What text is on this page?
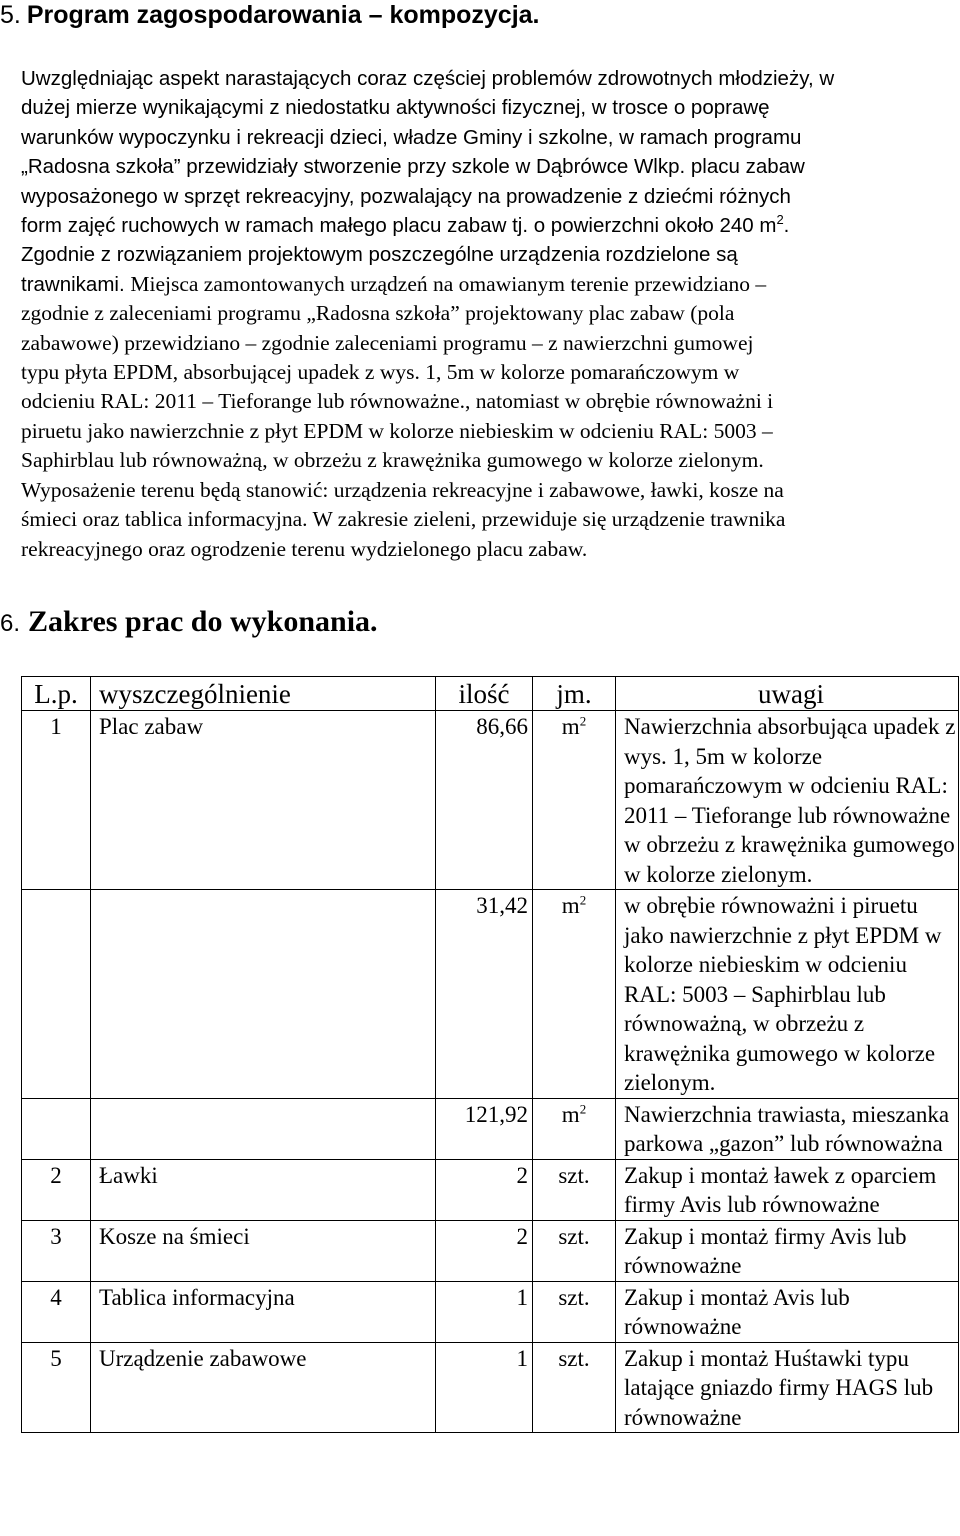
5. Program zagospodarowania – kompozycja.
Uwzględniając aspekt narastających coraz częściej problemów zdrowotnych młodzieży, w
dużej mierze wynikającymi z niedostatku aktywności fizycznej, w trosce o poprawę
warunków wypoczynku i rekreacji dzieci, władze Gminy i szkolne, w ramach programu
„Radosna szkoła” przewidziały stworzenie przy szkole w Dąbrówce Wlkp. placu zabaw
wyposażonego w sprzęt rekreacyjny, pozwalający na prowadzenie z dziećmi różnych
form zajęć ruchowych w ramach małego placu zabaw tj. o powierzchni około 240 $m^2$.
Zgodnie z rozwiązaniem projektowym poszczególne urządzenia rozdzielone są
trawnikami. Miejsca zamontowanych urządzeń na omawianym terenie przewidziano –
zgodnie z zaleceniami programu „Radosna szkoła” projektowany plac zabaw (pola
zabawowe) przewidziano – zgodnie zaleceniami programu – z nawierzchni gumowej
typu płyta EPDM, absorbującej upadek z wys. 1, 5m w kolorze pomarańczowym w
odcieniu RAL: 2011 – Tieforange lub równoważne., natomiast w obrębie równoważni i
piruetu jako nawierzchnie z płyt EPDM w kolorze niebieskim w odcieniu RAL: 5003 –
Saphirblau lub równoważną, w obrzeżu z krawężnika gumowego w kolorze zielonym.
Wyposażenie terenu będą stanowić: urządzenia rekreacyjne i zabawowe, ławki, kosze na
śmieci oraz tablica informacyjna. W zakresie zieleni, przewiduje się urządzenie trawnika
rekreacyjnego oraz ogrodzenie terenu wydzielonego placu zabaw.
6. Zakres prac do wykonania.
L.p.	wyszczególnienie	ilość	jm.	uwagi
1	Plac zabaw	86,66	$m^2$	Nawierzchnia absorbująca upadek z wys. 1, 5m w kolorze pomarańczowym w odcieniu RAL: 2011 – Tieforange lub równoważne w obrzeżu z krawężnika gumowego w kolorze zielonym.
		31,42	$m^2$	w obrębie równoważni i piruetu jako nawierzchnie z płyt EPDM w kolorze niebieskim w odcieniu RAL: 5003 – Saphirblau lub równoważną, w obrzeżu z krawężnika gumowego w kolorze zielonym.
		121,92	$m^2$	Nawierzchnia trawiasta, mieszanka parkowa „gazon” lub równoważna
2	Ławki	2	szt.	Zakup i montaż ławek z oparciem firmy Avis lub równoważne
3	Kosze na śmieci	2	szt.	Zakup i montaż firmy Avis lub równoważne
4	Tablica informacyjna	1	szt.	Zakup i montaż Avis lub równoważne
5	Urządzenie zabawowe	1	szt.	Zakup i montaż Huśtawki typu latające gniazdo firmy HAGS lub równoważne
